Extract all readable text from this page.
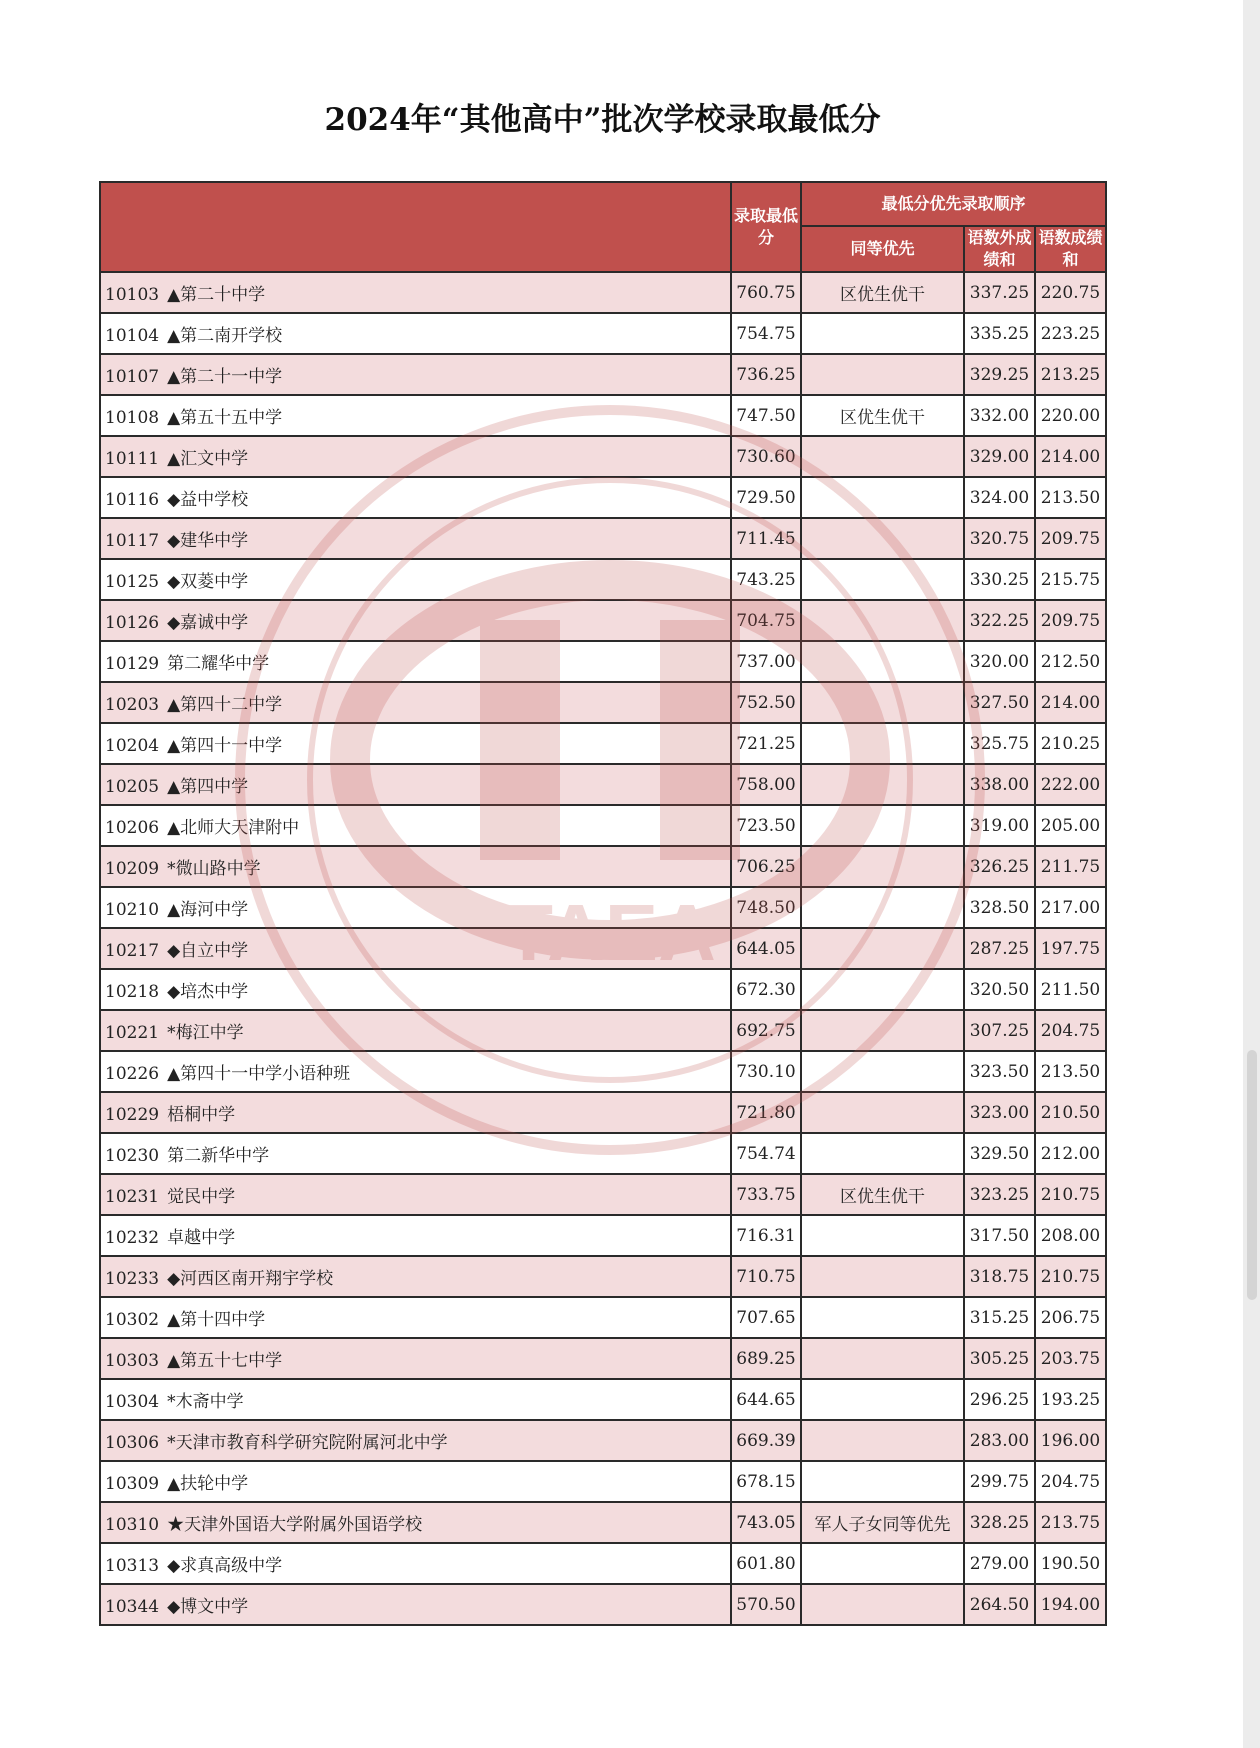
2024年“其他高中”批次学校录取最低分
	录取最低分	最低分优先录取顺序		
		同等优先	语数外成绩和	语数成绩和
10103 ▲第二十中学	760.75	区优生优干	337.25	220.75
10104 ▲第二南开学校	754.75		335.25	223.25
10107 ▲第二十一中学	736.25		329.25	213.25
10108 ▲第五十五中学	747.50	区优生优干	332.00	220.00
10111 ▲汇文中学	730.60		329.00	214.00
10116 ◆益中学校	729.50		324.00	213.50
10117 ◆建华中学	711.45		320.75	209.75
10125 ◆双菱中学	743.25		330.25	215.75
10126 ◆嘉诚中学	704.75		322.25	209.75
10129 第二耀华中学	737.00		320.00	212.50
10203 ▲第四十二中学	752.50		327.50	214.00
10204 ▲第四十一中学	721.25		325.75	210.25
10205 ▲第四中学	758.00		338.00	222.00
10206 ▲北师大天津附中	723.50		319.00	205.00
10209 *微山路中学	706.25		326.25	211.75
10210 ▲海河中学	748.50		328.50	217.00
10217 ◆自立中学	644.05		287.25	197.75
10218 ◆培杰中学	672.30		320.50	211.50
10221 *梅江中学	692.75		307.25	204.75
10226 ▲第四十一中学小语种班	730.10		323.50	213.50
10229 梧桐中学	721.80		323.00	210.50
10230 第二新华中学	754.74		329.50	212.00
10231 觉民中学	733.75	区优生优干	323.25	210.75
10232 卓越中学	716.31		317.50	208.00
10233 ◆河西区南开翔宇学校	710.75		318.75	210.75
10302 ▲第十四中学	707.65		315.25	206.75
10303 ▲第五十七中学	689.25		305.25	203.75
10304 *木斋中学	644.65		296.25	193.25
10306 *天津市教育科学研究院附属河北中学	669.39		283.00	196.00
10309 ▲扶轮中学	678.15		299.75	204.75
10310 ★天津外国语大学附属外国语学校	743.05	军人子女同等优先	328.25	213.75
10313 ◆求真高级中学	601.80		279.00	190.50
10344 ◆博文中学	570.50		264.50	194.00
TAEA
